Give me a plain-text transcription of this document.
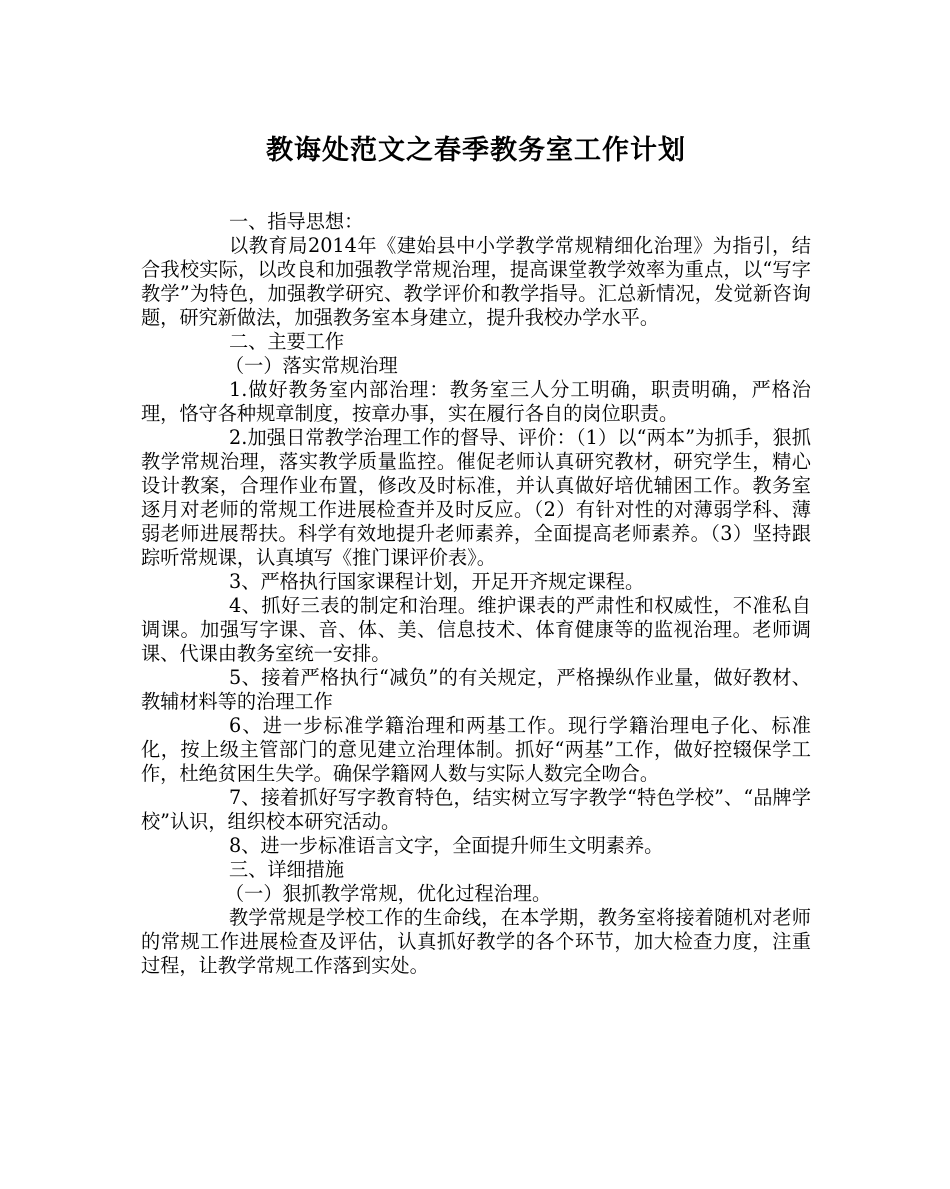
教诲处范文之春季教务室工作计划

一、指导思想：

以教育局2014年《建始县中小学教学常规精细化治理》为指引，结合我校实际，以改良和加强教学常规治理，提高课堂教学效率为重点，以“写字教学”为特色，加强教学研究、教学评价和教学指导。汇总新情况，发觉新咨询题，研究新做法，加强教务室本身建立，提升我校办学水平。

二、主要工作

（一）落实常规治理

1.做好教务室内部治理：教务室三人分工明确，职责明确，严格治理，恪守各种规章制度，按章办事，实在履行各自的岗位职责。

2.加强日常教学治理工作的督导、评价：（1）以“两本”为抓手，狠抓教学常规治理，落实教学质量监控。催促老师认真研究教材，研究学生，精心设计教案，合理作业布置，修改及时标准，并认真做好培优辅困工作。教务室逐月对老师的常规工作进展检查并及时反应。（2）有针对性的对薄弱学科、薄弱老师进展帮扶。科学有效地提升老师素养，全面提高老师素养。（3）坚持跟踪听常规课，认真填写《推门课评价表》。

3、严格执行国家课程计划，开足开齐规定课程。

4、抓好三表的制定和治理。维护课表的严肃性和权威性，不准私自调课。加强写字课、音、体、美、信息技术、体育健康等的监视治理。老师调课、代课由教务室统一安排。

5、接着严格执行“减负”的有关规定，严格操纵作业量，做好教材、教辅材料等的治理工作

6、进一步标准学籍治理和两基工作。现行学籍治理电子化、标准化，按上级主管部门的意见建立治理体制。抓好“两基”工作，做好控辍保学工作，杜绝贫困生失学。确保学籍网人数与实际人数完全吻合。

7、接着抓好写字教育特色，结实树立写字教学“特色学校”、“品牌学校”认识，组织校本研究活动。

8、进一步标准语言文字，全面提升师生文明素养。

三、详细措施

（一）狠抓教学常规，优化过程治理。

教学常规是学校工作的生命线，在本学期，教务室将接着随机对老师的常规工作进展检查及评估，认真抓好教学的各个环节，加大检查力度，注重过程，让教学常规工作落到实处。
